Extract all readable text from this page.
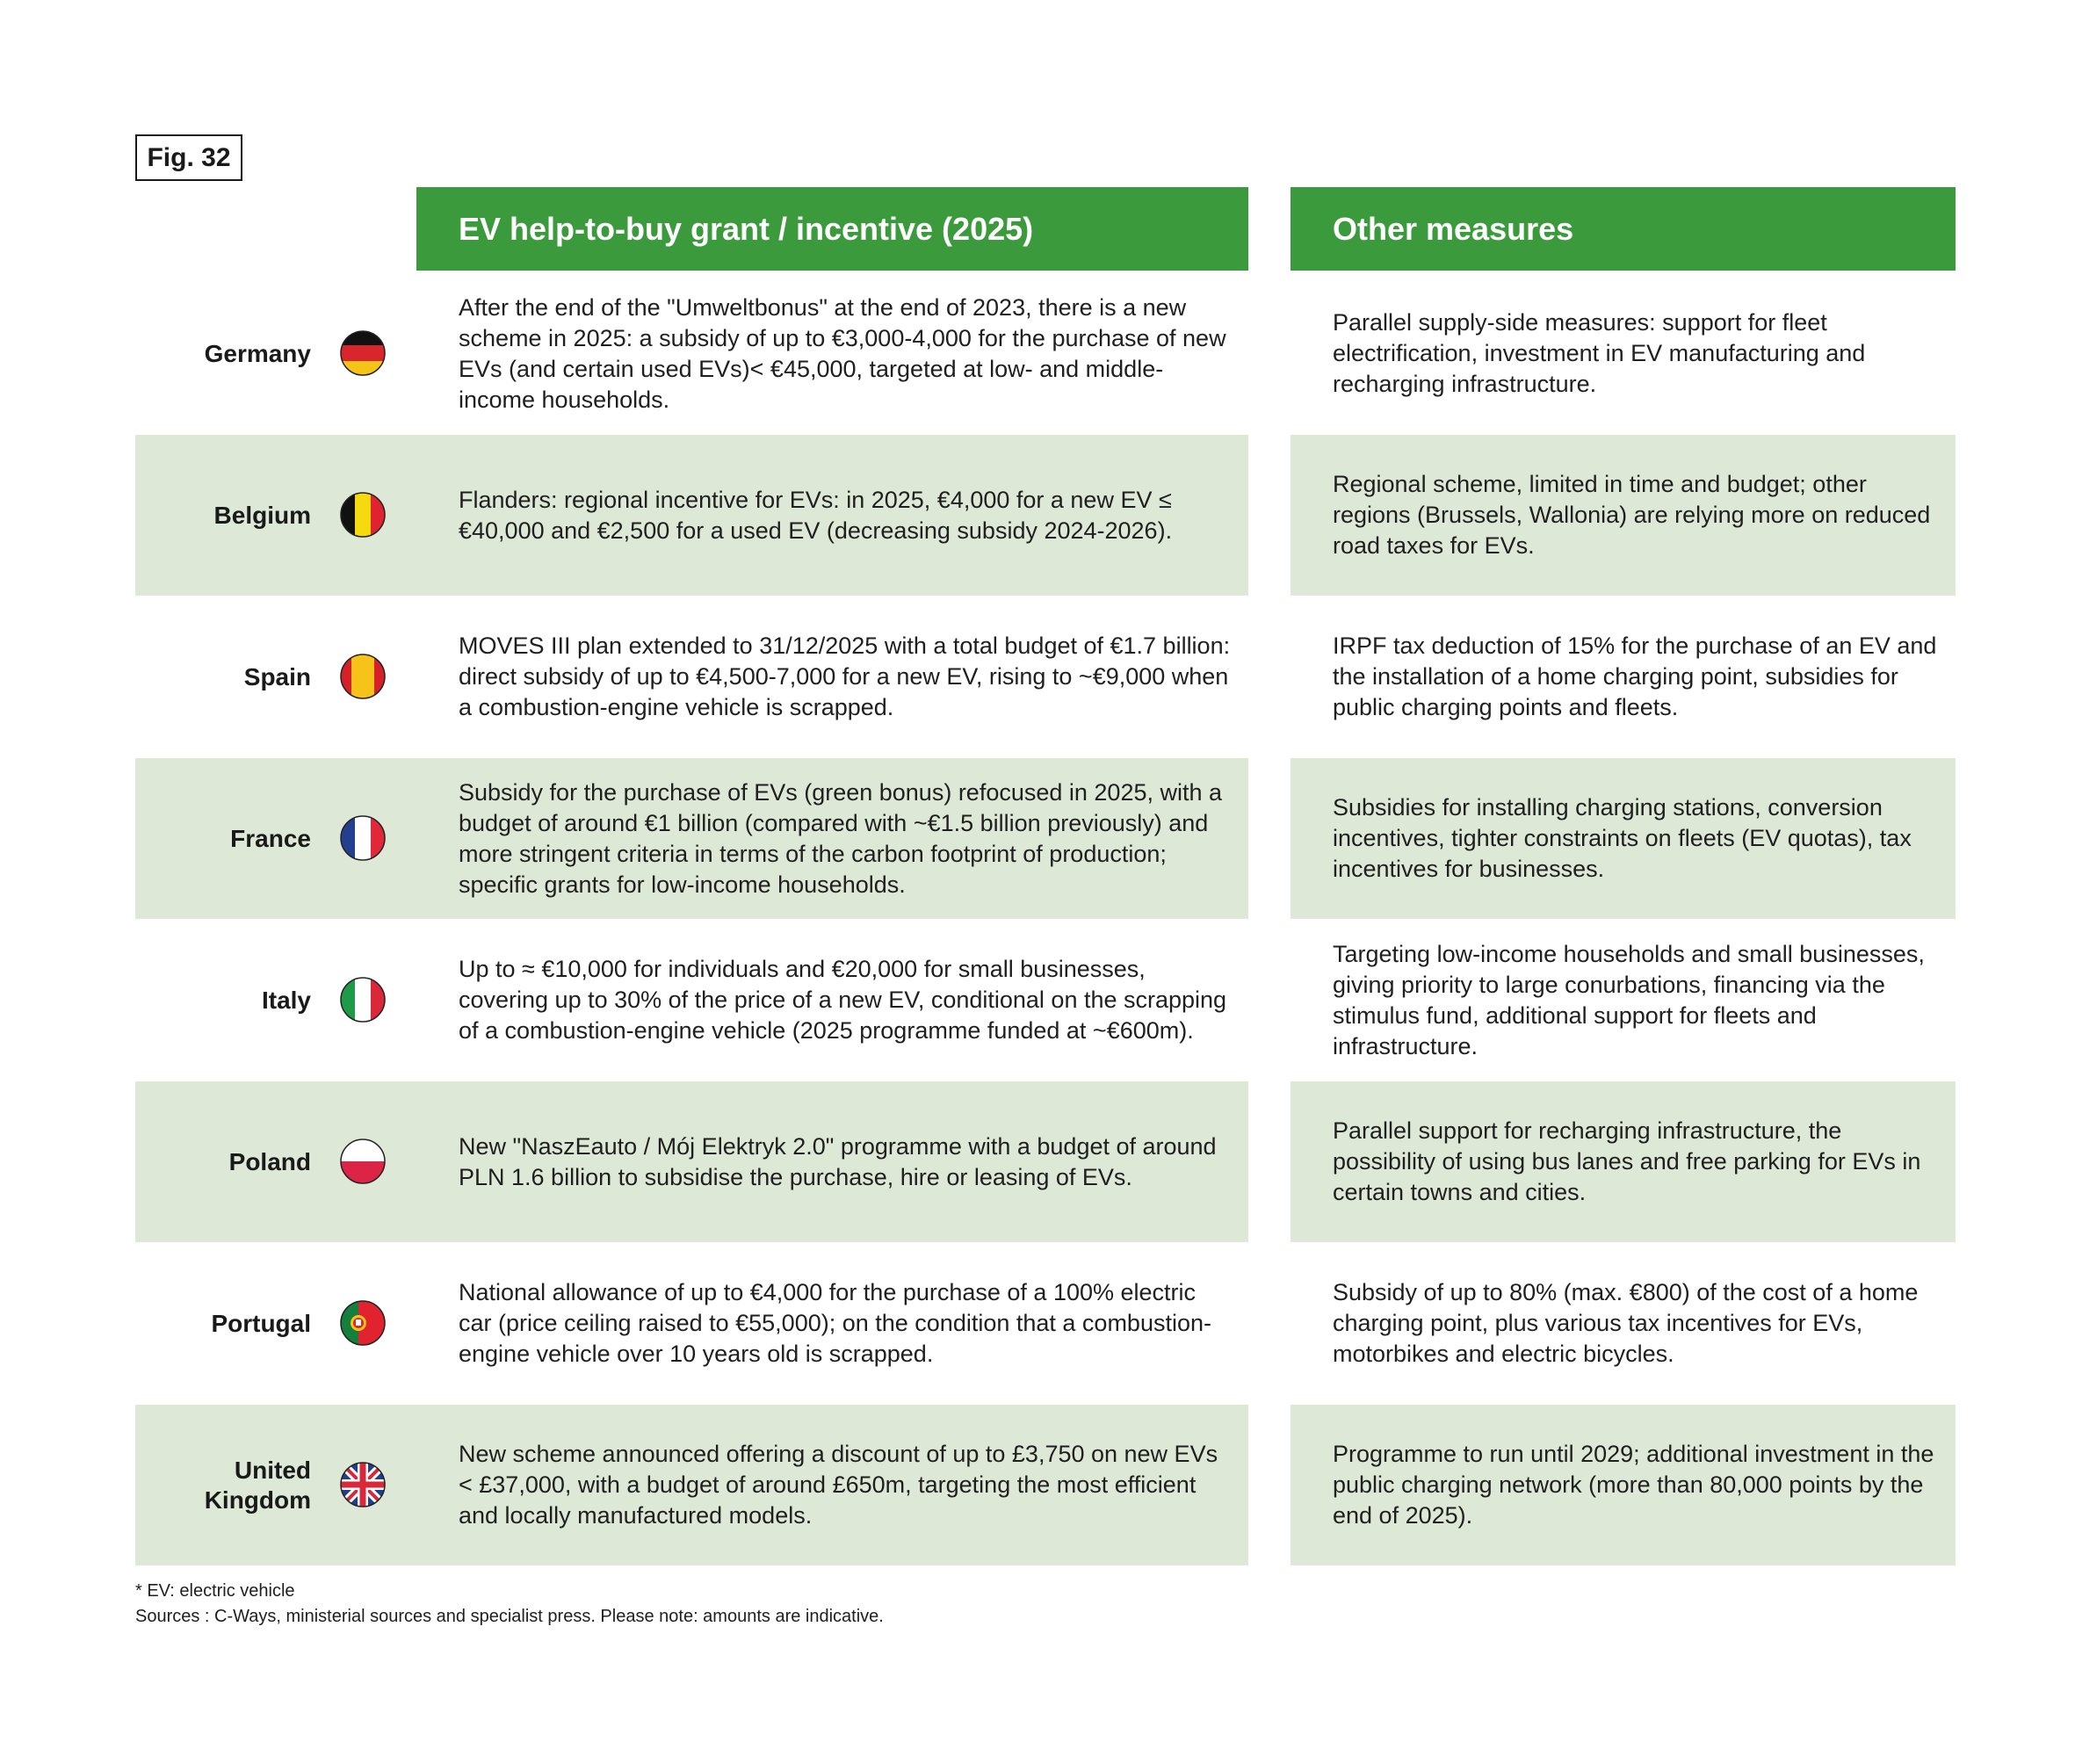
Fig. 32
EV help-to-buy grant / incentive (2025)	Other measures
Germany
After the end of the "Umweltbonus" at the end of 2023, there is a new scheme in 2025: a subsidy of up to €3,000-4,000 for the purchase of new EVs (and certain used EVs)< €45,000, targeted at low- and middle-income households.
Parallel supply-side measures: support for fleet electrification, investment in EV manufacturing and recharging infrastructure.
Belgium
Flanders: regional incentive for EVs: in 2025, €4,000 for a new EV ≤ €40,000 and €2,500 for a used EV (decreasing subsidy 2024-2026).
Regional scheme, limited in time and budget; other regions (Brussels, Wallonia) are relying more on reduced road taxes for EVs.
Spain
MOVES III plan extended to 31/12/2025 with a total budget of €1.7 billion: direct subsidy of up to €4,500-7,000 for a new EV, rising to ~€9,000 when a combustion-engine vehicle is scrapped.
IRPF tax deduction of 15% for the purchase of an EV and the installation of a home charging point, subsidies for public charging points and fleets.
France
Subsidy for the purchase of EVs (green bonus) refocused in 2025, with a budget of around €1 billion (compared with ~€1.5 billion previously) and more stringent criteria in terms of the carbon footprint of production; specific grants for low-income households.
Subsidies for installing charging stations, conversion incentives, tighter constraints on fleets (EV quotas), tax incentives for businesses.
Italy
Up to ≈ €10,000 for individuals and €20,000 for small businesses, covering up to 30% of the price of a new EV, conditional on the scrapping of a combustion-engine vehicle (2025 programme funded at ~€600m).
Targeting low-income households and small businesses, giving priority to large conurbations, financing via the stimulus fund, additional support for fleets and infrastructure.
Poland
New "NaszEauto / Mój Elektryk 2.0" programme with a budget of around PLN 1.6 billion to subsidise the purchase, hire or leasing of EVs.
Parallel support for recharging infrastructure, the possibility of using bus lanes and free parking for EVs in certain towns and cities.
Portugal
National allowance of up to €4,000 for the purchase of a 100% electric car (price ceiling raised to €55,000); on the condition that a combustion-engine vehicle over 10 years old is scrapped.
Subsidy of up to 80% (max. €800) of the cost of a home charging point, plus various tax incentives for EVs, motorbikes and electric bicycles.
United Kingdom
New scheme announced offering a discount of up to £3,750 on new EVs < £37,000, with a budget of around £650m, targeting the most efficient and locally manufactured models.
Programme to run until 2029; additional investment in the public charging network (more than 80,000 points by the end of 2025).
* EV: electric vehicle
Sources : C-Ways, ministerial sources and specialist press. Please note: amounts are indicative.
